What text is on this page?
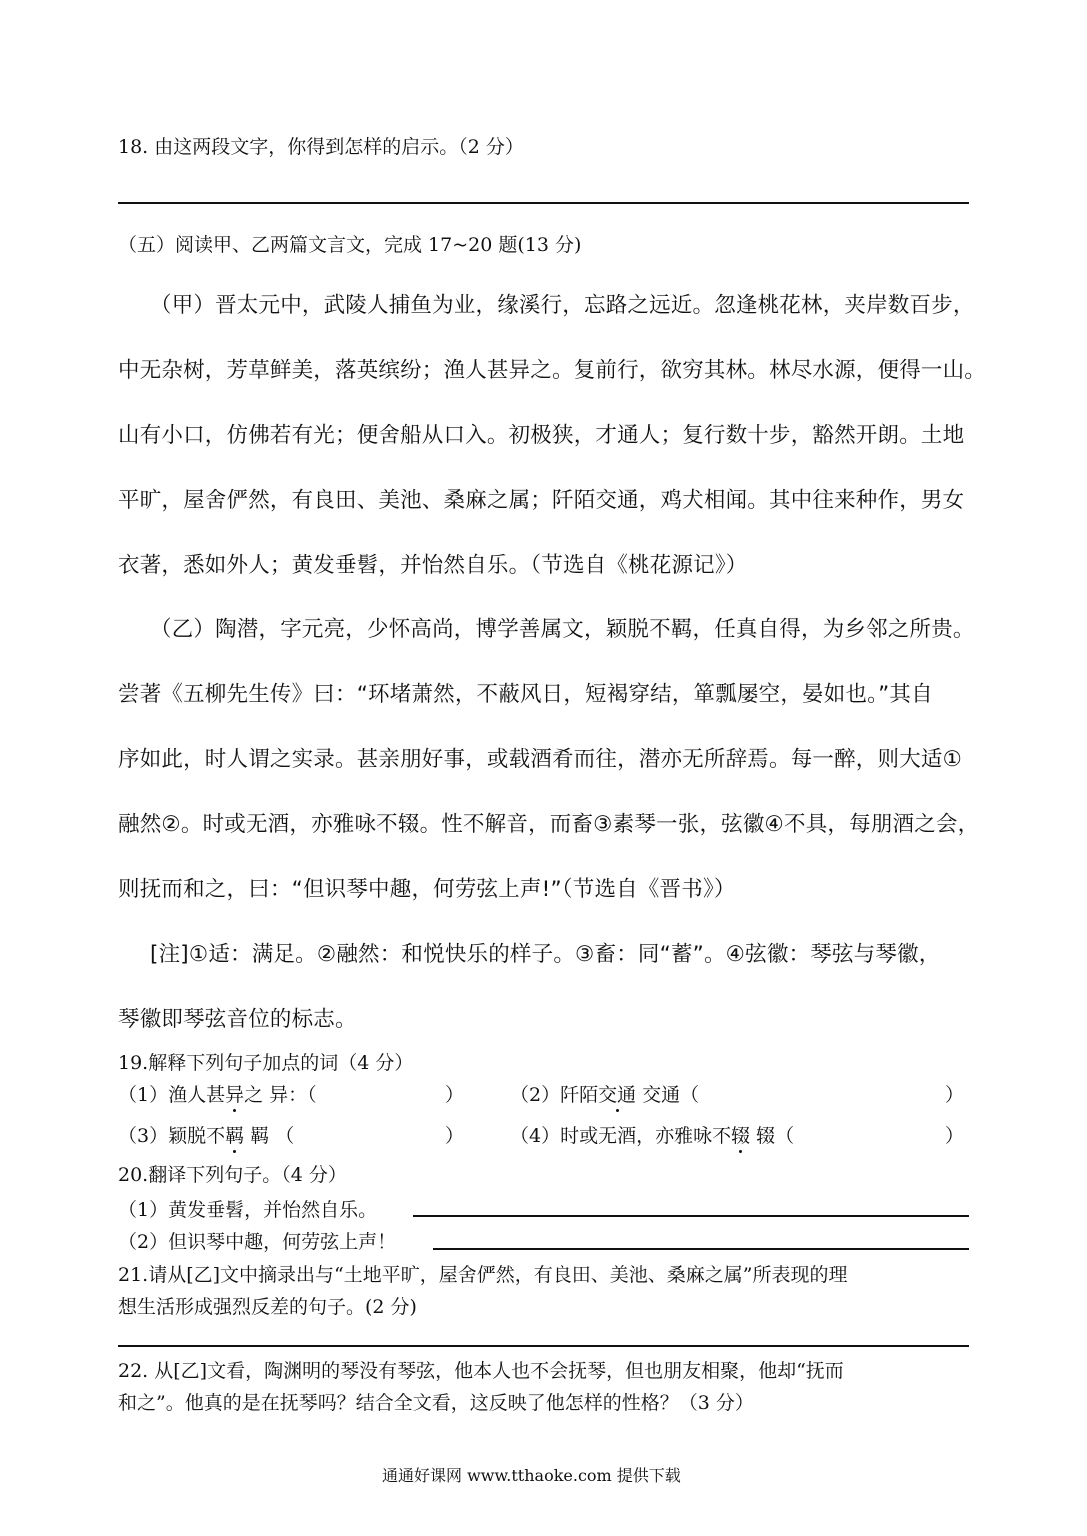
18. 由这两段文字，你得到怎样的启示。（2 分）
（五）阅读甲、乙两篇文言文，完成 17~20 题(13 分)
（甲）晋太元中，武陵人捕鱼为业，缘溪行，忘路之远近。忽逢桃花林，夹岸数百步，
中无杂树，芳草鲜美，落英缤纷；渔人甚异之。复前行，欲穷其林。林尽水源，便得一山。
山有小口，仿佛若有光；便舍船从口入。初极狭，才通人；复行数十步，豁然开朗。土地
平旷，屋舍俨然，有良田、美池、桑麻之属；阡陌交通，鸡犬相闻。其中往来种作，男女
衣著，悉如外人；黄发垂髫，并怡然自乐。（节选自《桃花源记》）
（乙）陶潜，字元亮，少怀高尚，博学善属文，颖脱不羁，任真自得，为乡邻之所贵。
尝著《五柳先生传》曰：“环堵萧然，不蔽风日，短褐穿结，箪瓢屡空，晏如也。”其自
序如此，时人谓之实录。甚亲朋好事，或载酒肴而往，潜亦无所辞焉。每一醉，则大适①
融然②。时或无酒，亦雅咏不辍。性不解音，而畜③素琴一张，弦徽④不具，每朋酒之会，
则抚而和之，曰：“但识琴中趣，何劳弦上声!”（节选自《晋书》）
[注]①适：满足。②融然：和悦快乐的样子。③畜：同“蓄”。④弦徽：琴弦与琴徽，
琴徽即琴弦音位的标志。
19.解释下列句子加点的词（4 分）
（1）渔人甚异之 异：（	） （2）阡陌交通 交通（	）
（3）颖脱不羁 羁 （	） （4）时或无酒，亦雅咏不辍 辍（	）
20.翻译下列句子。（4 分）
（1）黄发垂髫，并怡然自乐。
（2）但识琴中趣，何劳弦上声！
21.请从[乙]文中摘录出与“土地平旷，屋舍俨然，有良田、美池、桑麻之属”所表现的理
想生活形成强烈反差的句子。(2 分)
22. 从[乙]文看，陶渊明的琴没有琴弦，他本人也不会抚琴，但也朋友相聚，他却“抚而
和之”。他真的是在抚琴吗？结合全文看，这反映了他怎样的性格？（3 分）
通通好课网 www.tthaoke.com 提供下载
